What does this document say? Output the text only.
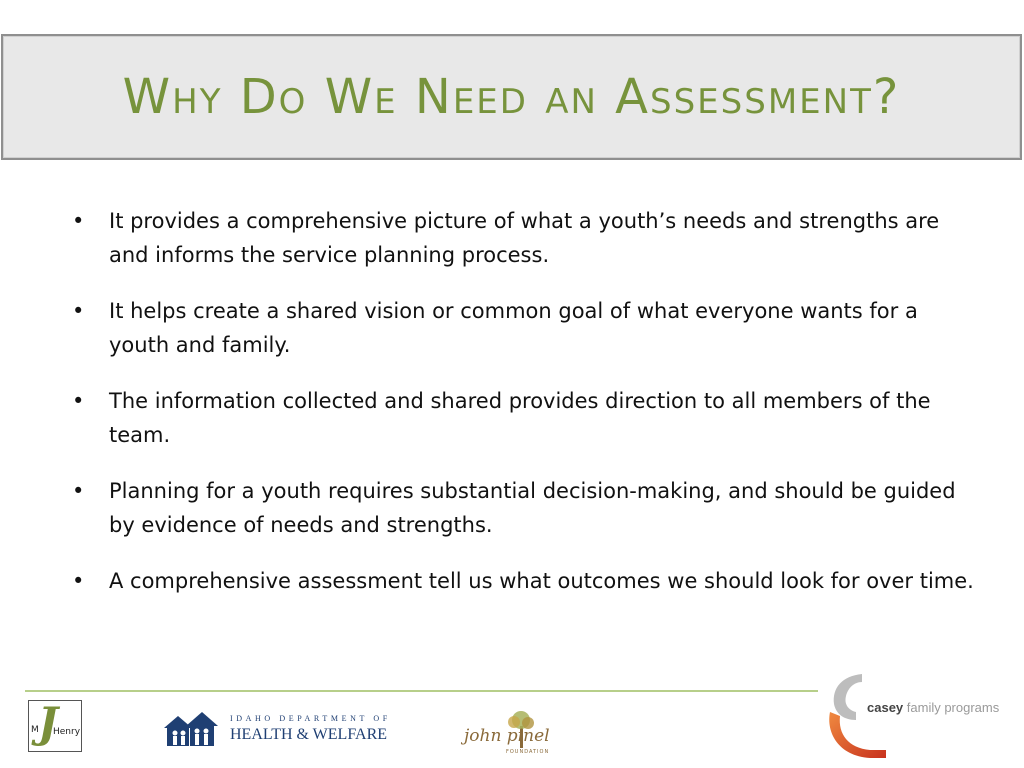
Why Do We Need an Assessment?
• It provides a comprehensive picture of what a youth’s needs and strengths are and informs the service planning process.
• It helps create a shared vision or common goal of what everyone wants for a youth and family.
• The information collected and shared provides direction to all members of the team.
• Planning for a youth requires substantial decision-making, and should be guided by evidence of needs and strengths.
• A comprehensive assessment tell us what outcomes we should look for over time.
J
M Henry
IDAHO DEPARTMENT OF
HEALTH & WELFARE	john pinel
FOUNDATION
casey family programs
